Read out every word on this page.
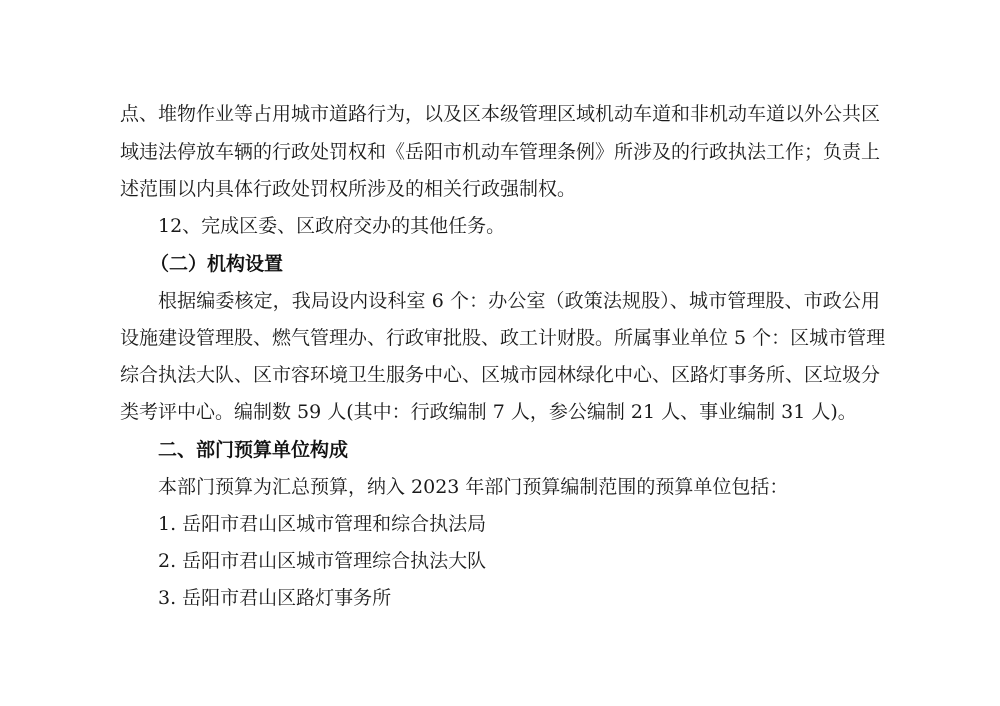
点、堆物作业等占用城市道路行为，以及区本级管理区域机动车道和非机动车道以外公共区
域违法停放车辆的行政处罚权和《岳阳市机动车管理条例》所涉及的行政执法工作；负责上
述范围以内具体行政处罚权所涉及的相关行政强制权。
12、完成区委、区政府交办的其他任务。
（二）机构设置
根据编委核定，我局设内设科室 6 个：办公室（政策法规股）、城市管理股、市政公用
设施建设管理股、燃气管理办、行政审批股、政工计财股。所属事业单位 5 个：区城市管理
综合执法大队、区市容环境卫生服务中心、区城市园林绿化中心、区路灯事务所、区垃圾分
类考评中心。编制数 59 人(其中：行政编制 7 人，参公编制 21 人、事业编制 31 人)。
二、部门预算单位构成
本部门预算为汇总预算，纳入 2023 年部门预算编制范围的预算单位包括：
1. 岳阳市君山区城市管理和综合执法局
2. 岳阳市君山区城市管理综合执法大队
3. 岳阳市君山区路灯事务所
